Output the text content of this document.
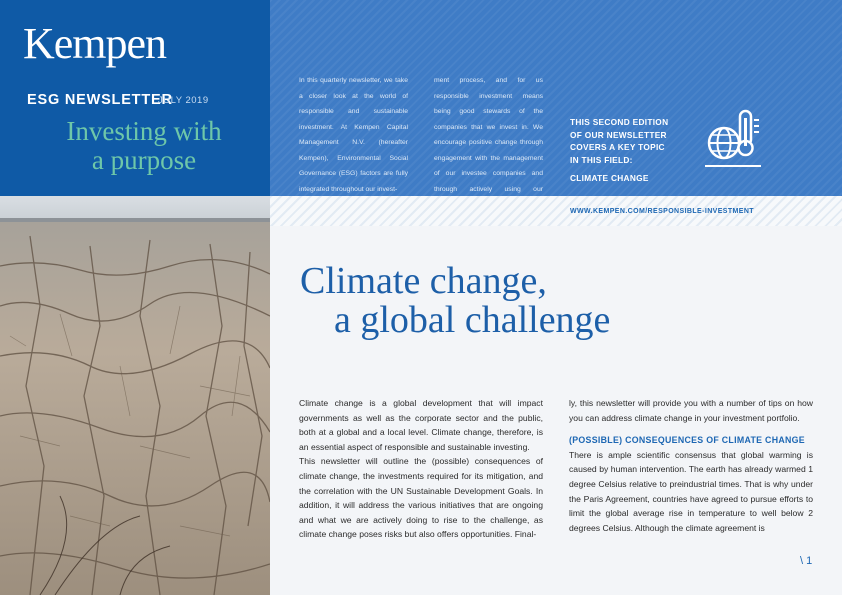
Kempen
ESG NEWSLETTER
JULY 2019
Investing with
a purpose
In this quarterly newsletter, we take a closer look at the world of responsible and sustainable investment. At Kempen Capital Management N.V. (hereafter Kempen), Environmental Social Governance (ESG) factors are fully integrated throughout our invest-
ment process, and for us responsible investment means being good stewards of the companies that we invest in. We encourage positive change through engagement with the management of our investee companies and through actively using our
THIS SECOND EDITION
OF OUR NEWSLETTER
COVERS A KEY TOPIC
IN THIS FIELD:
CLIMATE CHANGE
WWW.KEMPEN.COM/RESPONSIBLE-INVESTMENT
Climate change,
a global challenge

Climate change is a global development that will impact governments as well as the corporate sector and the public, both at a global and a local level. Climate change, therefore, is an essential aspect of responsible and sustainable investing.

This newsletter will outline the (possible) consequences of climate change, the investments required for its mitigation, and the correlation with the UN Sustainable Development Goals. In addition, it will address the various initiatives that are ongoing and what we are actively doing to rise to the challenge, as climate change poses risks but also offers opportunities. Final-

ly, this newsletter will provide you with a number of tips on how you can address climate change in your investment portfolio.

(POSSIBLE) CONSEQUENCES OF CLIMATE CHANGE

There is ample scientific consensus that global warming is caused by human intervention. The earth has already warmed 1 degree Celsius relative to preindustrial times. That is why under the Paris Agreement, countries have agreed to pursue efforts to limit the global average rise in temperature to well below 2 degrees Celsius. Although the climate agreement is

\ 1
